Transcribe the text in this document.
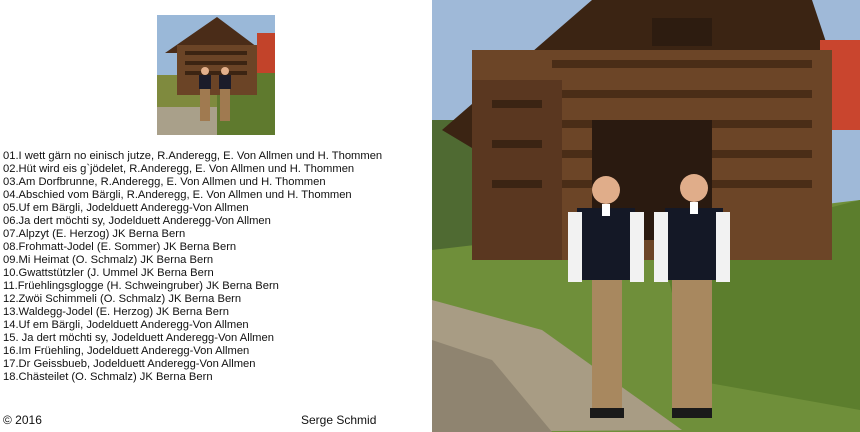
01.I wett gärn no einisch jutze, R.Anderegg, E. Von Allmen und H. Thommen
02.Hüt wird eis g`jödelet, R.Anderegg, E. Von Allmen und H. Thommen
03.Am Dorfbrunne, R.Anderegg, E. Von Allmen und H. Thommen
04.Abschied vom Bärgli, R.Anderegg, E. Von Allmen und H. Thommen
05.Uf em Bärgli, Jodelduett Anderegg-Von Allmen
06.Ja dert möchti sy, Jodelduett Anderegg-Von Allmen
07.Alpzyt (E. Herzog) JK Berna Bern
08.Frohmatt-Jodel (E. Sommer) JK Berna Bern
09.Mi Heimat (O. Schmalz) JK Berna Bern
10.Gwattstützler (J. Ummel JK Berna Bern
11.Früehlingsglogge (H. Schweingruber) JK Berna Bern
12.Zwöi Schimmeli (O. Schmalz) JK Berna Bern
13.Waldegg-Jodel (E. Herzog) JK Berna Bern
14.Uf em Bärgli, Jodelduett Anderegg-Von Allmen
15. Ja dert möchti sy, Jodelduett Anderegg-Von Allmen
16.Im Früehling, Jodelduett Anderegg-Von Allmen
17.Dr Geissbueb, Jodelduett Anderegg-Von Allmen
18.Chästeilet (O. Schmalz) JK Berna Bern
© 2016	Serge Schmid
